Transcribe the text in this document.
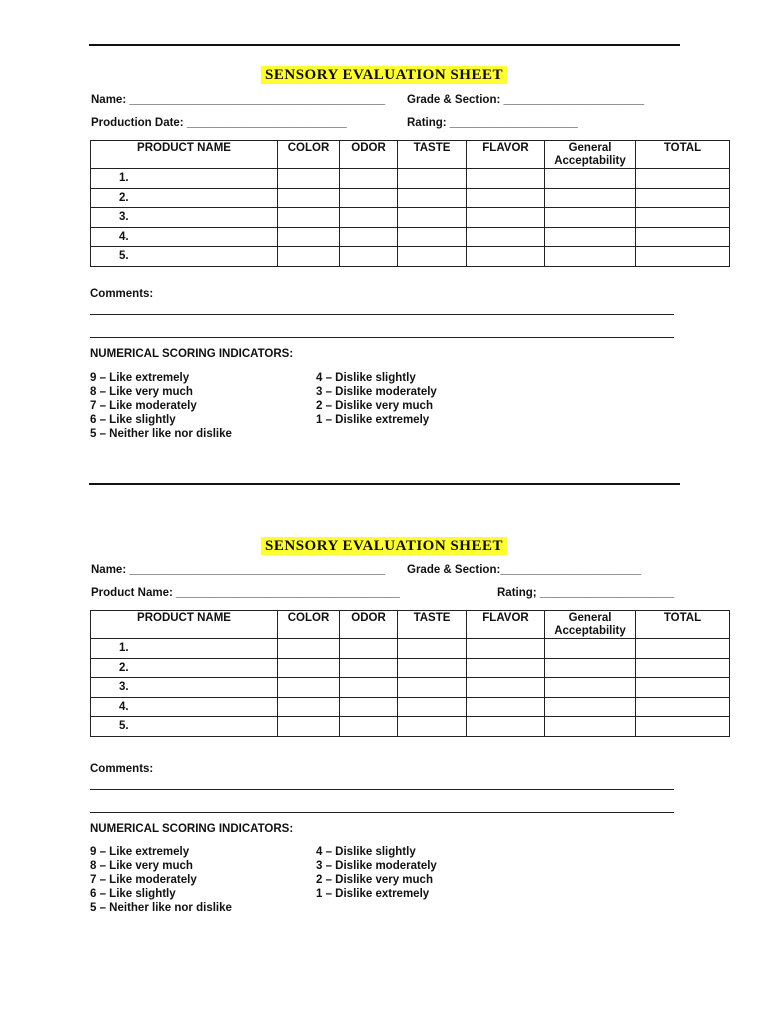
SENSORY EVALUATION SHEET
Name: ________________________________________ Grade & Section: ______________________
Production Date: _________________________	Rating: ____________________
PRODUCT NAME	COLOR	ODOR	TASTE	FLAVOR	General Acceptability	TOTAL
1.						
2.						
3.						
4.						
5.						
Comments:
NUMERICAL SCORING INDICATORS:
9 – Like extremely
8 – Like very much
7 – Like moderately
6 – Like slightly
5 – Neither like nor dislike
4 – Dislike slightly
3 – Dislike moderately
2 – Dislike very much
1 – Dislike extremely
SENSORY EVALUATION SHEET
Name: ________________________________________ Grade & Section:______________________
Product Name: ___________________________________	Rating; _____________________
PRODUCT NAME	COLOR	ODOR	TASTE	FLAVOR	General Acceptability	TOTAL
1.						
2.						
3.						
4.						
5.						
Comments:
NUMERICAL SCORING INDICATORS:
9 – Like extremely
8 – Like very much
7 – Like moderately
6 – Like slightly
5 – Neither like nor dislike
4 – Dislike slightly
3 – Dislike moderately
2 – Dislike very much
1 – Dislike extremely
